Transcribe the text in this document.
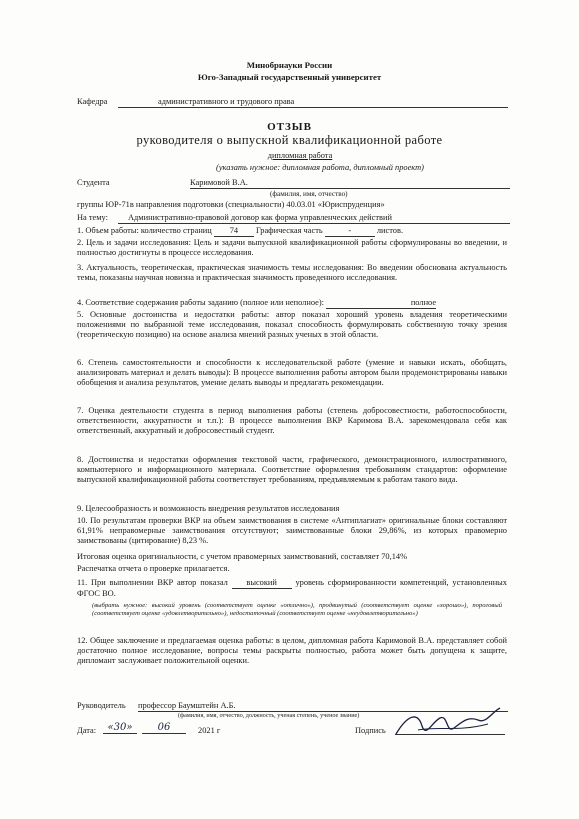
Минобрнауки России
Юго-Западный государственный университет
Кафедра	административного и трудового права
ОТЗЫВ
руководителя о выпускной квалификационной работе
дипломная работа
(указать нужное: дипломная работа, дипломный проект)
Студента	Каримовой В.А.
(фамилия, имя, отчество)
группы ЮР-71в направления подготовки (специальности) 40.03.01 «Юриспруденция»
На тему:	Административно-правовой договор как форма управленческих действий
1. Объем работы: количество страниц 74 Графическая часть	-	листов.
2. Цель и задачи исследования: Цель и задачи выпускной квалификационной работы сформулированы во введении, и полностью достигнуты в процессе исследования.
3. Актуальность, теоретическая, практическая значимость темы исследования: Во введении обоснована актуальность темы, показаны научная новизна и практическая значимость проведенного исследования.
4. Соответствие содержания работы заданию (полное или неполное):	полное
5. Основные достоинства и недостатки работы: автор показал хороший уровень владения теоретическими положениями по выбранной теме исследования, показал способность формулировать собственную точку зрения (теоретическую позицию) на основе анализа мнений разных ученых в этой области.
6. Степень самостоятельности и способности к исследовательской работе (умение и навыки искать, обобщать, анализировать материал и делать выводы): В процессе выполнения работы автором были продемонстрированы навыки обобщения и анализа результатов, умение делать выводы и предлагать рекомендации.
7. Оценка деятельности студента в период выполнения работы (степень добросовестности, работоспособности, ответственности, аккуратности и т.п.): В процессе выполнения ВКР Каримова В.А. зарекомендовала себя как ответственный, аккуратный и добросовестный студент.
8. Достоинства и недостатки оформления текстовой части, графического, демонстрационного, иллюстративного, компьютерного и информационного материала. Соответствие оформления требованиям стандартов: оформление выпускной квалификационной работы соответствует требованиям, предъявляемым к работам такого вида.
9. Целесообразность и возможность внедрения результатов исследования
10. По результатам проверки ВКР на объем заимствования в системе «Антиплагиат» оригинальные блоки составляют 61,91% неправомерные заимствования отсутствуют; заимствованные блоки 29,86%, из которых правомерно заимствованы (цитирование) 8,23 %.
Итоговая оценка оригинальности, с учетом правомерных заимствований, составляет 70,14%
Распечатка отчета о проверке прилагается.
11. При выполнении ВКР автор показал высокий уровень сформированности компетенций, установленных ФГОС ВО.
(выбрать нужное: высокий уровень (соответствует оценке «отлично»), продвинутый (соответствует оценке «хорошо»), пороговый (соответствует оценке «удовлетворительно»), недостаточный (соответствует оценке «неудовлетворительно»)
12. Общее заключение и предлагаемая оценка работы: в целом, дипломная работа Каримовой В.А. представляет собой достаточно полное исследование, вопросы темы раскрыты полностью, работа может быть допущена к защите, дипломант заслуживает положительной оценки.
Руководитель профессор Баумштейн А.Б.
(фамилия, имя, отчество, должность, ученая степень, ученое звание)
Дата:	«30»	06	2021 г	Подпись
